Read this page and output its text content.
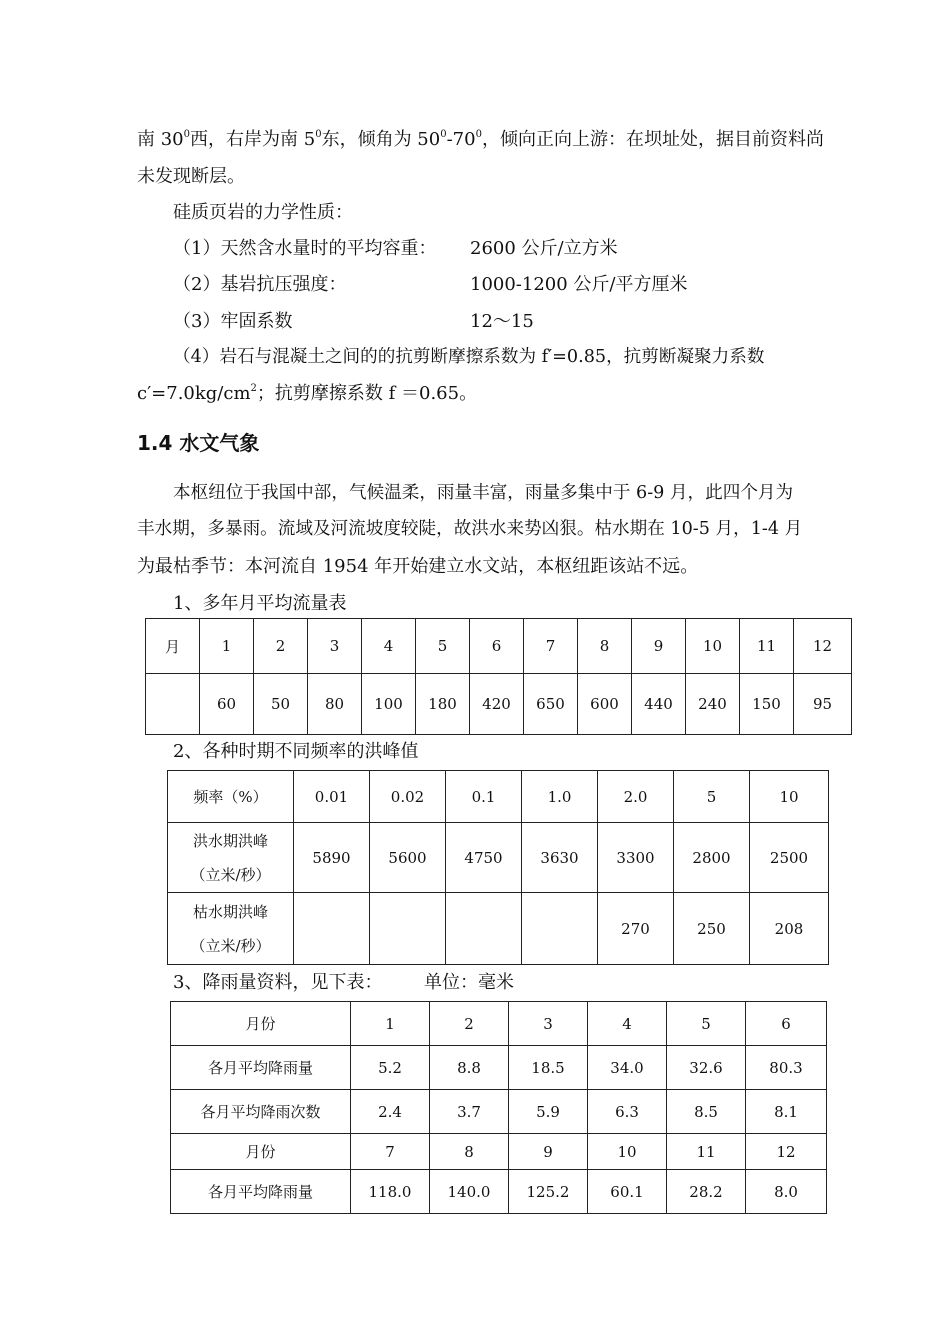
南 $30^0$西，右岸为南 $5^0$东，倾角为 $50^0-70^0$，倾向正向上游：在坝址处，据目前资料尚

未发现断层。

硅质页岩的力学性质：

（1）天然含水量时的平均容重： 2600 公斤/立方米

（2）基岩抗压强度：	1000-1200 公斤/平方厘米

（3）牢固系数	12～15

（4）岩石与混凝土之间的的抗剪断摩擦系数为 f′=0.85，抗剪断凝聚力系数

$c'=7.0kg/cm^2$；抗剪摩擦系数 f ＝0.65。

1.4 水文气象

本枢纽位于我国中部，气候温柔，雨量丰富，雨量多集中于 6-9 月，此四个月为

丰水期，多暴雨。流域及河流坡度较陡，故洪水来势凶狠。枯水期在 10-5 月，1-4 月

为最枯季节：本河流自 1954 年开始建立水文站，本枢纽距该站不远。

1、多年月平均流量表
月	1	2	3	4	5	6	7	8	9	10	11	12
	60	50	80	100	180	420	650	600	440	240	150	95
2、各种时期不同频率的洪峰值
频率（%）	0.01	0.02	0.1	1.0	2.0	5	10

洪水期洪峰
（立米/秒）	5890	5600	4750	3630	3300	2800	2500

枯水期洪峰
（立米/秒）					270	250	208
3、降雨量资料，见下表： 单位：毫米
月份	1	2	3	4	5	6
各月平均降雨量	5.2	8.8	18.5	34.0	32.6	80.3
各月平均降雨次数	2.4	3.7	5.9	6.3	8.5	8.1
月份	7	8	9	10	11	12
各月平均降雨量	118.0	140.0	125.2	60.1	28.2	8.0
